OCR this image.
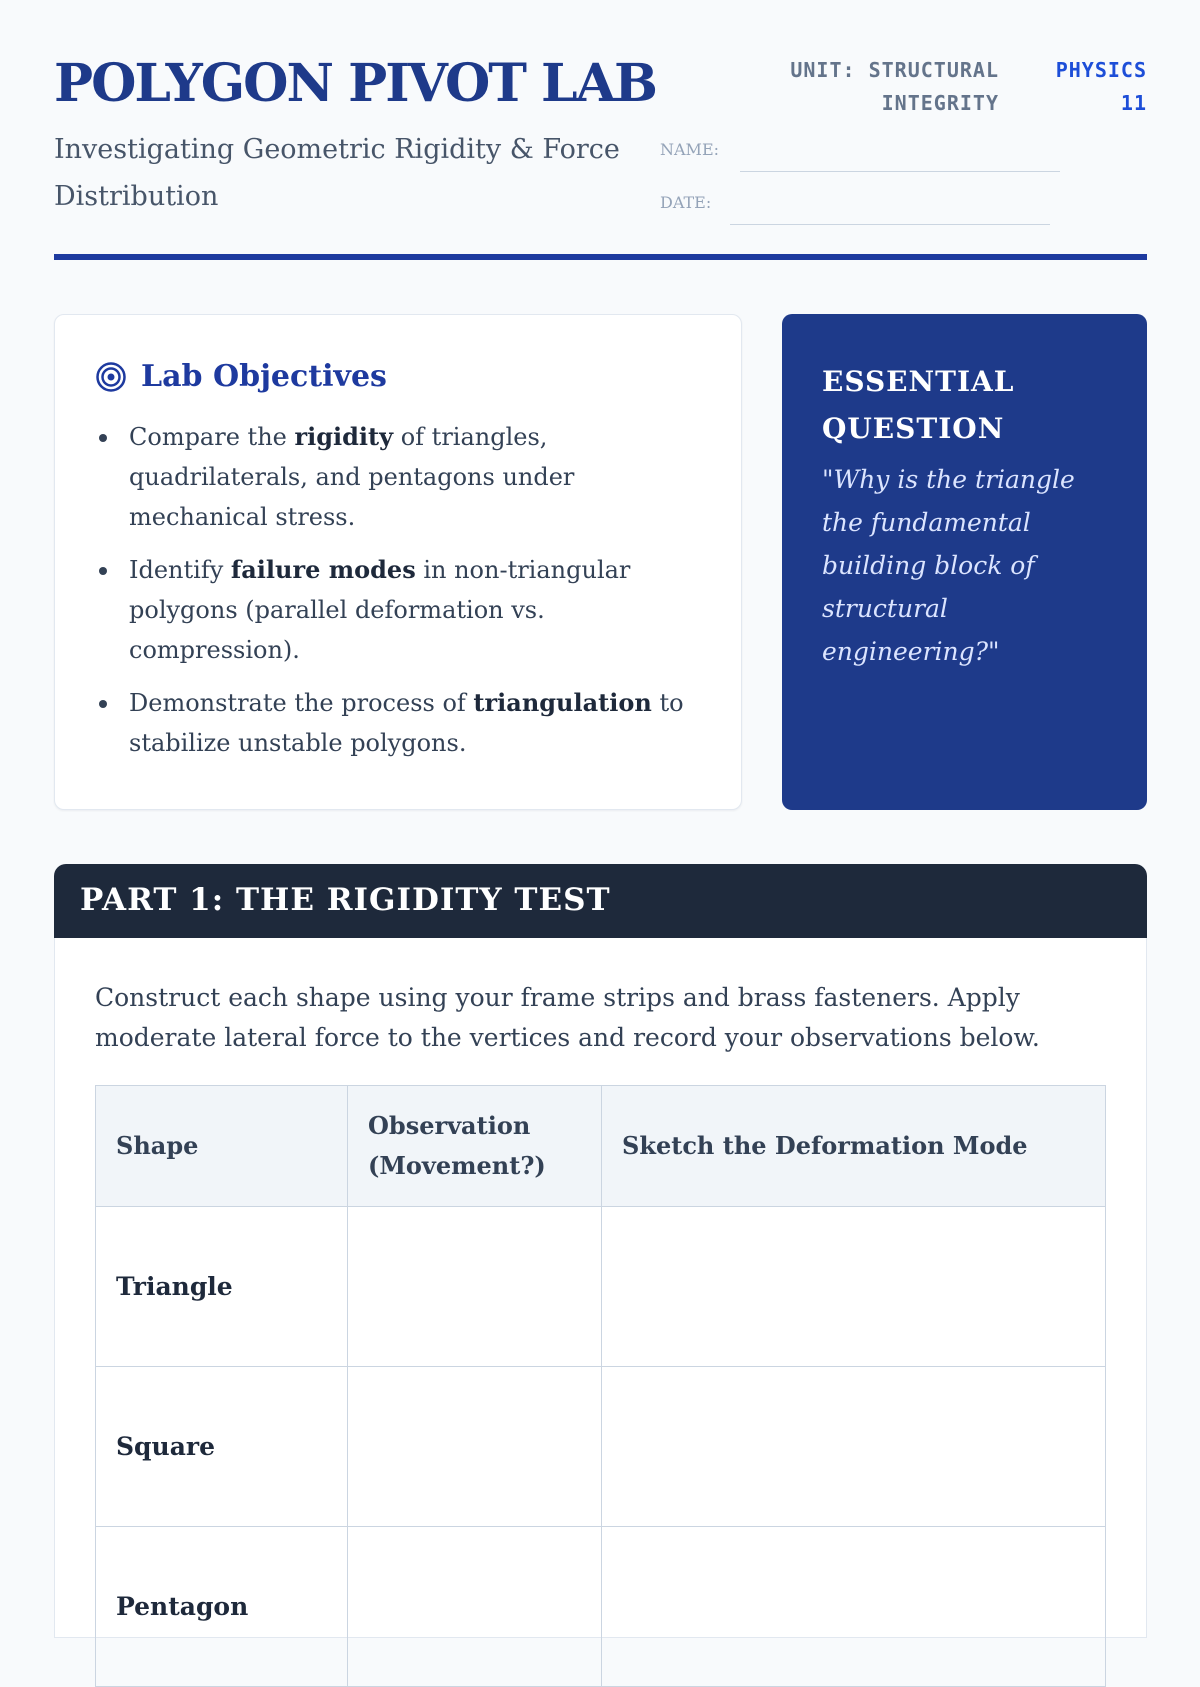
POLYGON PIVOT LAB
Investigating Geometric Rigidity & Force Distribution
UNIT: STRUCTURAL INTEGRITY
PHYSICS 11
NAME:
DATE:
Lab Objectives
Compare the rigidity of triangles, quadrilaterals, and pentagons under mechanical stress.
Identify failure modes in non-triangular polygons (parallel deformation vs. compression).
Demonstrate the process of triangulation to stabilize unstable polygons.
ESSENTIAL QUESTION
"Why is the triangle the fundamental building block of structural engineering?"
PART 1: THE RIGIDITY TEST

Construct each shape using your frame strips and brass fasteners. Apply moderate lateral force to the vertices and record your observations below.

Shape	Observation (Movement?)	Sketch the Deformation Mode
Triangle		
Square		
Pentagon		
